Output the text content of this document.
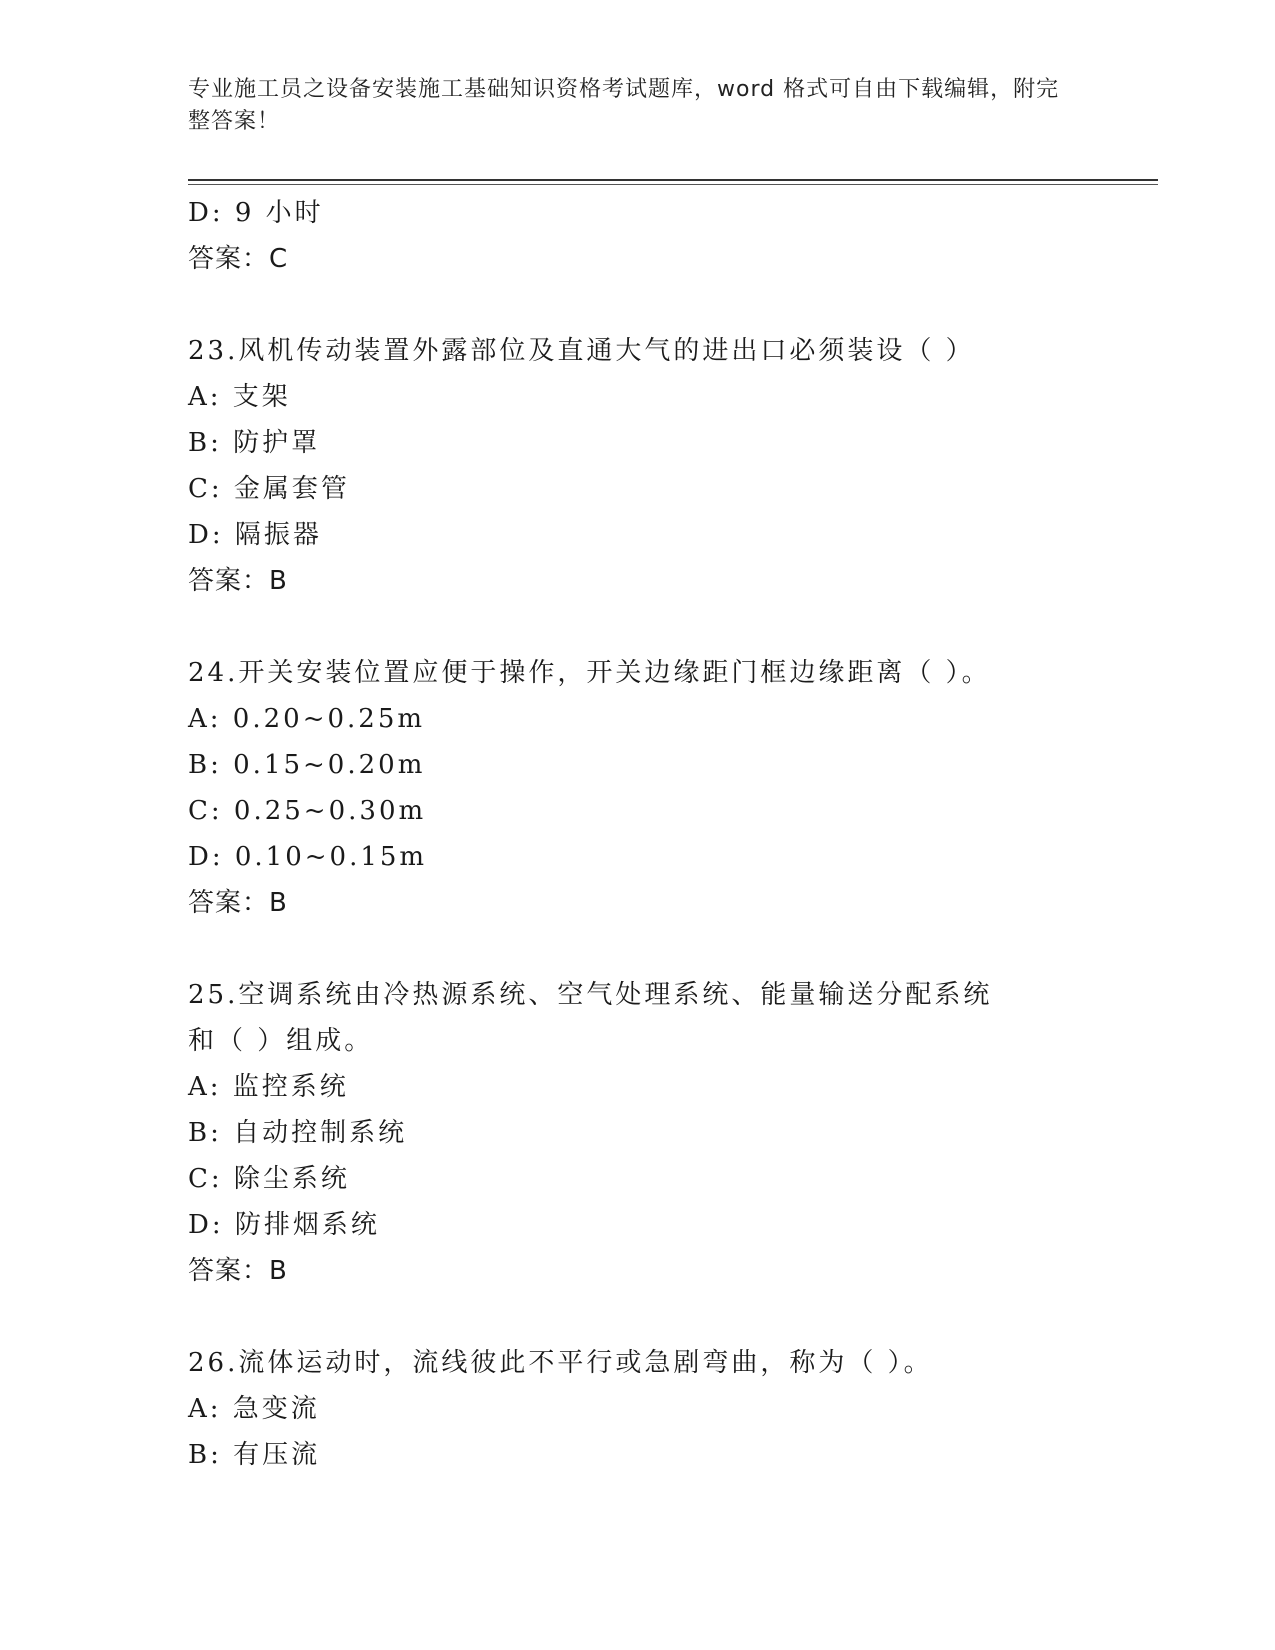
专业施工员之设备安装施工基础知识资格考试题库，word 格式可自由下载编辑，附完整答案！
D: 9 小时
答案：C
23.风机传动装置外露部位及直通大气的进出口必须装设（ ）
A: 支架
B: 防护罩
C: 金属套管
D: 隔振器
答案：B
24.开关安装位置应便于操作，开关边缘距门框边缘距离（ ）。
A: 0.20~0.25m
B: 0.15~0.20m
C: 0.25~0.30m
D: 0.10~0.15m
答案：B
25.空调系统由冷热源系统、空气处理系统、能量输送分配系统和（ ）组成。
A: 监控系统
B: 自动控制系统
C: 除尘系统
D: 防排烟系统
答案：B
26.流体运动时，流线彼此不平行或急剧弯曲，称为（ ）。
A: 急变流
B: 有压流
